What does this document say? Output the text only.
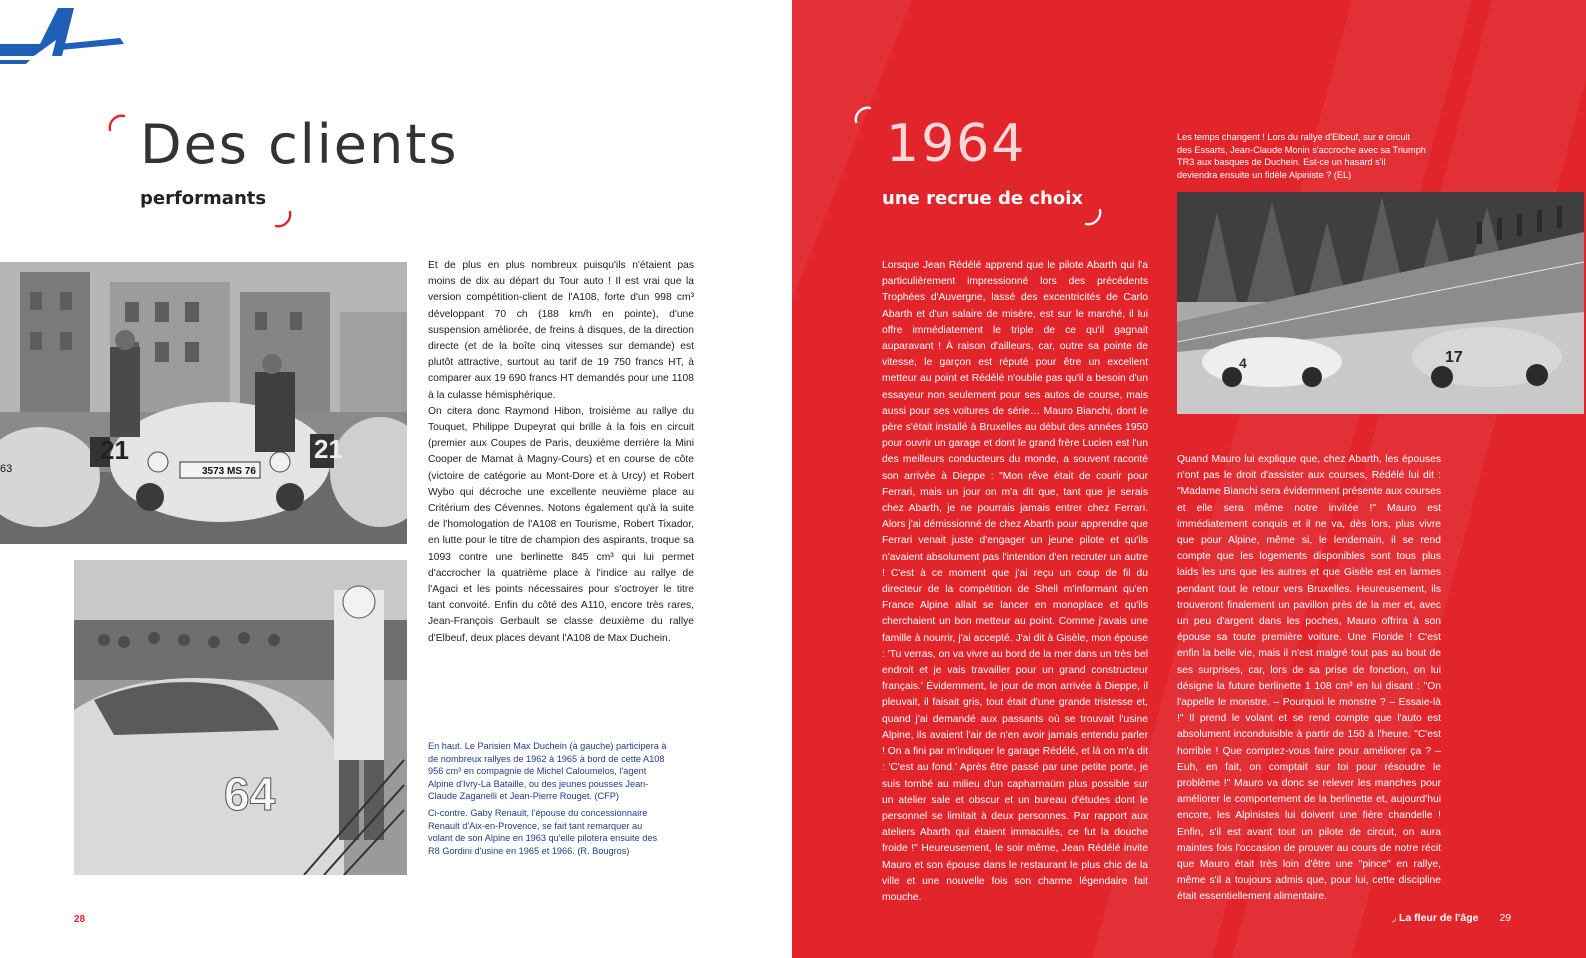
Des clients
performants
21	21
3573 MS 76
63
64

Et de plus en plus nombreux puisqu'ils n'étaient pas moins de dix au départ du Tour auto ! Il est vrai que la version compétition-client de l'A108, forte d'un 998 cm³ développant 70 ch (188 km/h en pointe), d'une suspension améliorée, de freins à disques, de la direction directe (et de la boîte cinq vitesses sur demande) est plutôt attractive, surtout au tarif de 19 750 francs HT, à comparer aux 19 690 francs HT demandés pour une 1108 à la culasse hémisphérique.

On citera donc Raymond Hibon, troisième au rallye du Touquet, Philippe Dupeyrat qui brille à la fois en circuit (premier aux Coupes de Paris, deuxième derrière la Mini Cooper de Marnat à Magny-Cours) et en course de côte (victoire de catégorie au Mont-Dore et à Urcy) et Robert Wybo qui décroche une excellente neuvième place au Critérium des Cévennes. Notons également qu'à la suite de l'homologation de l'A108 en Tourisme, Robert Tixador, en lutte pour le titre de champion des aspirants, troque sa 1093 contre une berlinette 845 cm³ qui lui permet d'accrocher la quatrième place à l'indice au rallye de l'Agaci et les points nécessaires pour s'octroyer le titre tant convoité. Enfin du côté des A110, encore très rares, Jean-François Gerbault se classe deuxième du rallye d'Elbeuf, deux places devant l'A108 de Max Duchein.

En haut. Le Parisien Max Duchein (à gauche) participera à de nombreux rallyes de 1962 à 1965 à bord de cette A108 956 cm³ en compagnie de Michel Caloumelos, l'agent Alpine d'Ivry-La Bataille, ou des jeunes pousses Jean-Claude Zaganelli et Jean-Pierre Rouget. (CFP)

Ci-contre. Gaby Renault, l'épouse du concessionnaire Renault d'Aix-en-Provence, se fait tant remarquer au volant de son Alpine en 1963 qu'elle pilotera ensuite des R8 Gordini d'usine en 1965 et 1966. (R. Bougros)

28
1964
une recrue de choix
Les temps changent ! Lors du rallye d'Elbeuf, sur e circuit des Essarts, Jean-Claude Monin s'accroche avec sa Triumph TR3 aux basques de Duchein. Est-ce un hasard s'il deviendra ensuite un fidèle Alpiniste ? (EL)
4	17
Lorsque Jean Rédélé apprend que le pilote Abarth qui l'a particulièrement impressionné lors des précédents Trophées d'Auvergne, lassé des excentricités de Carlo Abarth et d'un salaire de misère, est sur le marché, il lui offre immédiatement le triple de ce qu'il gagnait auparavant ! À raison d'ailleurs, car, outre sa pointe de vitesse, le garçon est réputé pour être un excellent metteur au point et Rédélé n'oublie pas qu'il a besoin d'un essayeur non seulement pour ses autos de course, mais aussi pour ses voitures de série… Mauro Bianchi, dont le père s'était installé à Bruxelles au début des années 1950 pour ouvrir un garage et dont le grand frère Lucien est l'un des meilleurs conducteurs du monde, a souvent raconté son arrivée à Dieppe : "Mon rêve était de courir pour Ferrari, mais un jour on m'a dit que, tant que je serais chez Abarth, je ne pourrais jamais entrer chez Ferrari. Alors j'ai démissionné de chez Abarth pour apprendre que Ferrari venait juste d'engager un jeune pilote et qu'ils n'avaient absolument pas l'intention d'en recruter un autre ! C'est à ce moment que j'ai reçu un coup de fil du directeur de la compétition de Shell m'informant qu'en France Alpine allait se lancer en monoplace et qu'ils cherchaient un bon metteur au point. Comme j'avais une famille à nourrir, j'ai accepté. J'ai dit à Gisèle, mon épouse : 'Tu verras, on va vivre au bord de la mer dans un très bel endroit et je vais travailler pour un grand constructeur français.' Évidemment, le jour de mon arrivée à Dieppe, il pleuvait, il faisait gris, tout était d'une grande tristesse et, quand j'ai demandé aux passants où se trouvait l'usine Alpine, ils avaient l'air de n'en avoir jamais entendu parler ! On a fini par m'indiquer le garage Rédélé, et là on m'a dit : 'C'est au fond.' Après être passé par une petite porte, je suis tombé au milieu d'un capharnaüm plus possible sur un atelier sale et obscur et un bureau d'études dont le personnel se limitait à deux personnes. Par rapport aux ateliers Abarth qui étaient immaculés, ce fut la douche froide !" Heureusement, le soir même, Jean Rédélé invite Mauro et son épouse dans le restaurant le plus chic de la ville et une nouvelle fois son charme légendaire fait mouche.
Quand Mauro lui explique que, chez Abarth, les épouses n'ont pas le droit d'assister aux courses, Rédélé lui dit : "Madame Bianchi sera évidemment présente aux courses et elle sera même notre invitée !" Mauro est immédiatement conquis et il ne va, dès lors, plus vivre que pour Alpine, même si, le lendemain, il se rend compte que les logements disponibles sont tous plus laids les uns que les autres et que Gisèle est en larmes pendant tout le retour vers Bruxelles. Heureusement, ils trouveront finalement un pavillon près de la mer et, avec un peu d'argent dans les poches, Mauro offrira à son épouse sa toute première voiture. Une Floride ! C'est enfin la belle vie, mais il n'est malgré tout pas au bout de ses surprises, car, lors de sa prise de fonction, on lui désigne la future berlinette 1 108 cm³ en lui disant : "On l'appelle le monstre. – Pourquoi le monstre ? – Essaie-là !" Il prend le volant et se rend compte que l'auto est absolument inconduisible à partir de 150 à l'heure. "C'est horrible ! Que comptez-vous faire pour améliorer ça ? – Euh, en fait, on comptait sur toi pour résoudre le problème !" Mauro va donc se relever les manches pour améliorer le comportement de la berlinette et, aujourd'hui encore, les Alpinistes lui doivent une fière chandelle ! Enfin, s'il est avant tout un pilote de circuit, on aura maintes fois l'occasion de prouver au cours de notre récit que Mauro était très loin d'être une "pince" en rallye, même s'il a toujours admis que, pour lui, cette discipline était essentiellement alimentaire.
◞ La fleur de l'âge 29
